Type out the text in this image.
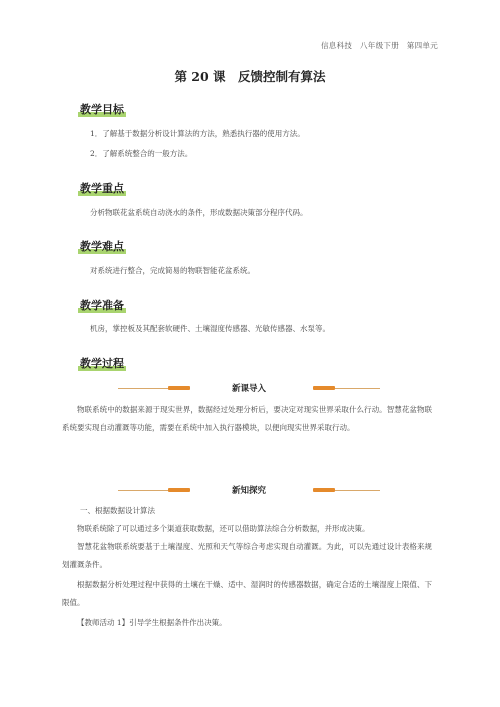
信息科技　八年级下册　第四单元
第 20 课　反馈控制有算法
教学目标
1．了解基于数据分析设计算法的方法，熟悉执行器的使用方法。
2．了解系统整合的一般方法。
教学重点
分析物联花盆系统自动浇水的条件，形成数据决策部分程序代码。
教学难点
对系统进行整合，完成简易的物联智能花盆系统。
教学准备
机房，掌控板及其配套软硬件、土壤湿度传感器、光敏传感器、水泵等。
教学过程
新课导入
物联系统中的数据来源于现实世界，数据经过处理分析后，要决定对现实世界采取什么行动。智慧花盆物联系统要实现自动灌溉等功能，需要在系统中加入执行器模块，以便向现实世界采取行动。
新知探究
一、根据数据设计算法
物联系统除了可以通过多个渠道获取数据，还可以借助算法综合分析数据，并形成决策。
智慧花盆物联系统要基于土壤湿度、光照和天气等综合考虑实现自动灌溉。为此，可以先通过设计表格来规划灌溉条件。
根据数据分析处理过程中获得的土壤在干燥、适中、湿润时的传感器数据，确定合适的土壤湿度上限值、下限值。
【教师活动 1】引导学生根据条件作出决策。
